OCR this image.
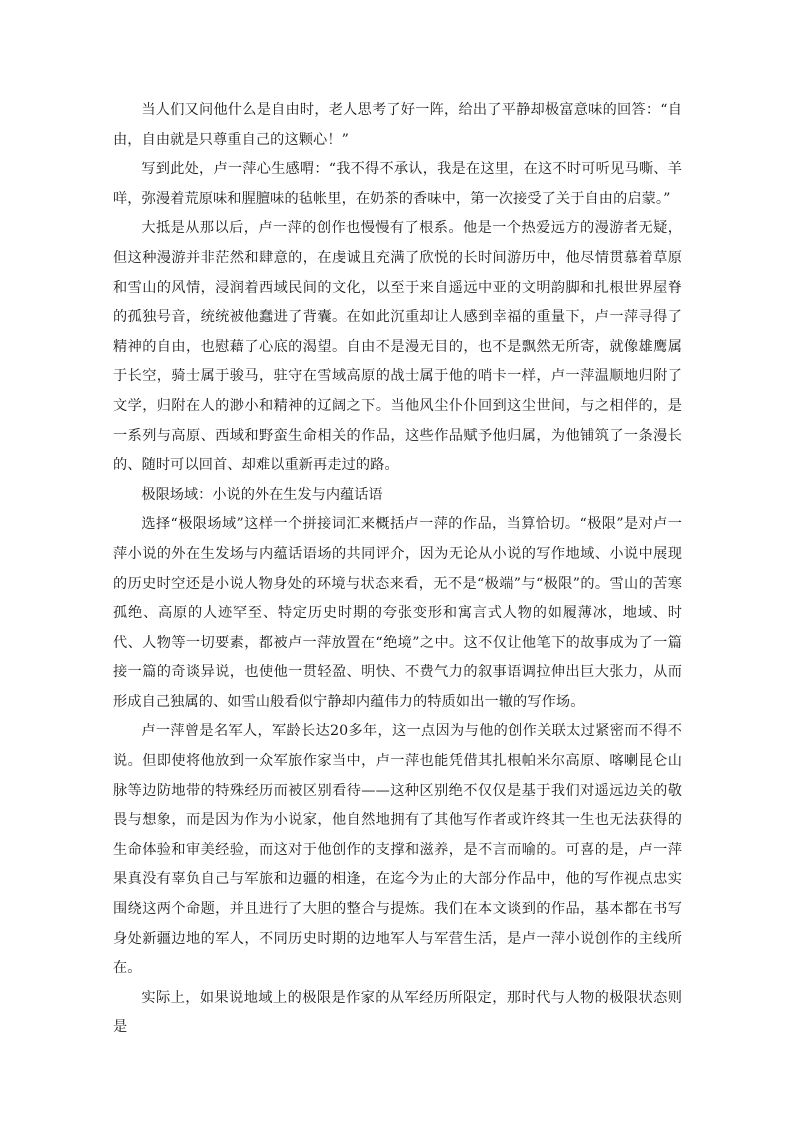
当人们又问他什么是自由时，老人思考了好一阵，给出了平静却极富意味的回答：“自由，自由就是只尊重自己的这颗心！”

写到此处，卢一萍心生感喟：“我不得不承认，我是在这里，在这不时可听见马嘶、羊咩，弥漫着荒原味和腥膻味的毡帐里，在奶茶的香味中，第一次接受了关于自由的启蒙。”

大抵是从那以后，卢一萍的创作也慢慢有了根系。他是一个热爱远方的漫游者无疑，但这种漫游并非茫然和肆意的，在虔诚且充满了欣悦的长时间游历中，他尽情贯慕着草原和雪山的风情，浸润着西域民间的文化，以至于来自遥远中亚的文明韵脚和扎根世界屋脊的孤独号音，统统被他蠢进了背囊。在如此沉重却让人感到幸福的重量下，卢一萍寻得了精神的自由，也慰藉了心底的渴望。自由不是漫无目的，也不是飘然无所寄，就像雄鹰属于长空，骑士属于骏马，驻守在雪域高原的战士属于他的哨卡一样，卢一萍温顺地归附了文学，归附在人的渺小和精神的辽阔之下。当他风尘仆仆回到这尘世间，与之相伴的，是一系列与高原、西域和野蛮生命相关的作品，这些作品赋予他归属，为他铺筑了一条漫长的、随时可以回首、却难以重新再走过的路。

极限场域：小说的外在生发与内蕴话语

选择“极限场域”这样一个拼接词汇来概括卢一萍的作品，当算恰切。“极限”是对卢一萍小说的外在生发场与内蕴话语场的共同评介，因为无论从小说的写作地域、小说中展现的历史时空还是小说人物身处的环境与状态来看，无不是“极端”与“极限”的。雪山的苦寒孤绝、高原的人迹罕至、特定历史时期的夸张变形和寓言式人物的如履薄冰，地域、时代、人物等一切要素，都被卢一萍放置在“绝境”之中。这不仅让他笔下的故事成为了一篇接一篇的奇谈异说，也使他一贯轻盈、明快、不费气力的叙事语调拉伸出巨大张力，从而形成自己独属的、如雪山般看似宁静却内蕴伟力的特质如出一辙的写作场。

卢一萍曾是名军人，军龄长达20多年，这一点因为与他的创作关联太过紧密而不得不说。但即使将他放到一众军旅作家当中，卢一萍也能凭借其扎根帕米尔高原、喀喇昆仑山脉等边防地带的特殊经历而被区别看待——这种区别绝不仅仅是基于我们对遥远边关的敬畏与想象，而是因为作为小说家，他自然地拥有了其他写作者或许终其一生也无法获得的生命体验和审美经验，而这对于他创作的支撑和滋养，是不言而喻的。可喜的是，卢一萍果真没有辜负自己与军旅和边疆的相逢，在迄今为止的大部分作品中，他的写作视点忠实围绕这两个命题，并且进行了大胆的整合与提炼。我们在本文谈到的作品，基本都在书写身处新疆边地的军人，不同历史时期的边地军人与军营生活，是卢一萍小说创作的主线所在。

实际上，如果说地域上的极限是作家的从军经历所限定，那时代与人物的极限状态则是
